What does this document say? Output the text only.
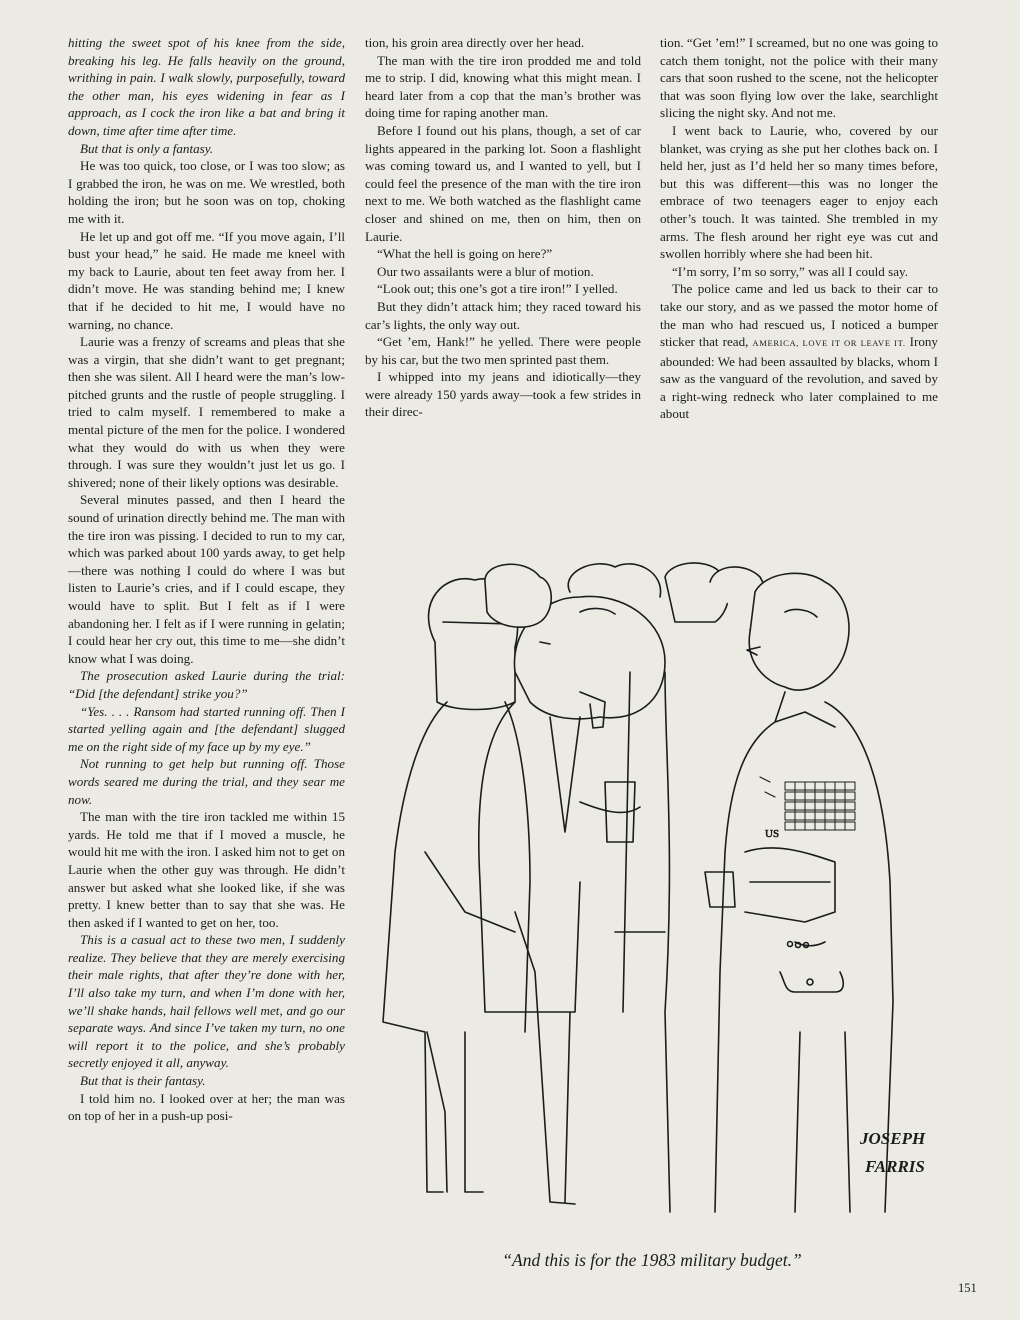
hitting the sweet spot of his knee from the side, breaking his leg. He falls heavily on the ground, writhing in pain. I walk slowly, purposefully, toward the other man, his eyes widening in fear as I approach, as I cock the iron like a bat and bring it down, time after time after time.

But that is only a fantasy.

He was too quick, too close, or I was too slow; as I grabbed the iron, he was on me. We wrestled, both holding the iron; but he soon was on top, choking me with it.

He let up and got off me. “If you move again, I’ll bust your head,” he said. He made me kneel with my back to Laurie, about ten feet away from her. I didn’t move. He was standing behind me; I knew that if he decided to hit me, I would have no warning, no chance.

Laurie was a frenzy of screams and pleas that she was a virgin, that she didn’t want to get pregnant; then she was silent. All I heard were the man’s low-pitched grunts and the rustle of people struggling. I tried to calm myself. I remembered to make a mental picture of the men for the police. I wondered what they would do with us when they were through. I was sure they wouldn’t just let us go. I shivered; none of their likely options was desirable.

Several minutes passed, and then I heard the sound of urination directly behind me. The man with the tire iron was pissing. I decided to run to my car, which was parked about 100 yards away, to get help—there was nothing I could do where I was but listen to Laurie’s cries, and if I could escape, they would have to split. But I felt as if I were abandoning her. I felt as if I were running in gelatin; I could hear her cry out, this time to me—she didn’t know what I was doing.

The prosecution asked Laurie during the trial: “Did [the defendant] strike you?”

“Yes. . . . Ransom had started running off. Then I started yelling again and [the defendant] slugged me on the right side of my face up by my eye.”

Not running to get help but running off. Those words seared me during the trial, and they sear me now.

The man with the tire iron tackled me within 15 yards. He told me that if I moved a muscle, he would hit me with the iron. I asked him not to get on Laurie when the other guy was through. He didn’t answer but asked what she looked like, if she was pretty. I knew better than to say that she was. He then asked if I wanted to get on her, too.

This is a casual act to these two men, I suddenly realize. They believe that they are merely exercising their male rights, that after they’re done with her, I’ll also take my turn, and when I’m done with her, we’ll shake hands, hail fellows well met, and go our separate ways. And since I’ve taken my turn, no one will report it to the police, and she’s probably secretly enjoyed it all, anyway.

But that is their fantasy.

I told him no. I looked over at her; the man was on top of her in a push-up posi-

tion, his groin area directly over her head.

The man with the tire iron prodded me and told me to strip. I did, knowing what this might mean. I heard later from a cop that the man’s brother was doing time for raping another man.

Before I found out his plans, though, a set of car lights appeared in the parking lot. Soon a flashlight was coming toward us, and I wanted to yell, but I could feel the presence of the man with the tire iron next to me. We both watched as the flashlight came closer and shined on me, then on him, then on Laurie.

“What the hell is going on here?”

Our two assailants were a blur of motion.

“Look out; this one’s got a tire iron!” I yelled.

But they didn’t attack him; they raced toward his car’s lights, the only way out.

“Get ’em, Hank!” he yelled. There were people by his car, but the two men sprinted past them.

I whipped into my jeans and idiotically—they were already 150 yards away—took a few strides in their direc-

tion. “Get ’em!” I screamed, but no one was going to catch them tonight, not the police with their many cars that soon rushed to the scene, not the helicopter that was soon flying low over the lake, searchlight slicing the night sky. And not me.

I went back to Laurie, who, covered by our blanket, was crying as she put her clothes back on. I held her, just as I’d held her so many times before, but this was different—this was no longer the embrace of two teenagers eager to enjoy each other’s touch. It was tainted. She trembled in my arms. The flesh around her right eye was cut and swollen horribly where she had been hit.

“I’m sorry, I’m so sorry,” was all I could say.

The police came and led us back to their car to take our story, and as we passed the motor home of the man who had rescued us, I noticed a bumper sticker that read, AMERICA, LOVE IT OR LEAVE IT. Irony abounded: We had been assaulted by blacks, whom I saw as the vanguard of the revolution, and saved by a right-wing redneck who later complained to me about

US
JOSEPH
FARRIS
“And this is for the 1983 military budget.”
151
